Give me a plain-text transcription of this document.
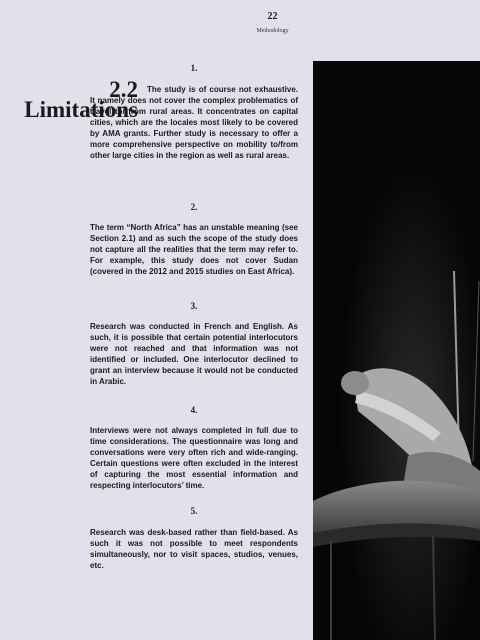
22
Methodology
2.2
Limitations
1.

The study is of course not exhaustive. It namely does not cover the complex problematics of travel to/ from rural areas. It concentrates on capital cities, which are the locales most likely to be covered by AMA grants. Further study is necessary to offer a more comprehensive perspective on mobility to/from other large cities in the region as well as rural areas.

2.

The term “North Africa” has an unstable meaning (see Section 2.1) and as such the scope of the study does not capture all the realities that the term may refer to. For example, this study does not cover Sudan (covered in the 2012 and 2015 studies on East Africa).

3.

Research was conducted in French and English. As such, it is possible that certain potential interlocutors were not reached and that information was not identified or included. One interlocutor declined to grant an interview because it would not be conducted in Arabic.

4.

Interviews were not always completed in full due to time considerations. The questionnaire was long and conversations were very often rich and wide-ranging. Certain questions were often excluded in the interest of capturing the most essential information and respecting interlocutors’ time.

5.

Research was desk-based rather than field-based. As such it was not possible to meet respondents simultaneously, nor to visit spaces, studios, venues, etc.
